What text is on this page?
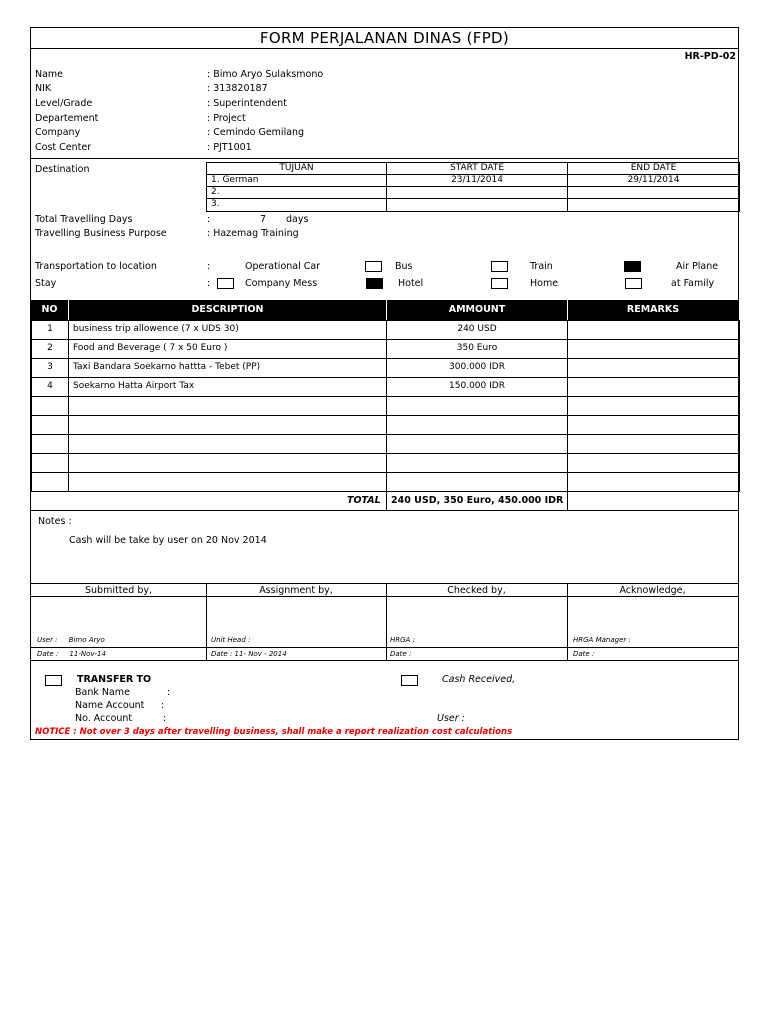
FORM PERJALANAN DINAS (FPD)
HR-PD-02
Name	: Bimo Aryo Sulaksmono
NIK	: 313820187
Level/Grade	: Superintendent
Departement	: Project
Company	: Cemindo Gemilang
Cost Center	: PJT1001
Destination	TUJUAN	START DATE	END DATE
1. German	23/11/2014	29/11/2014
2.
3.
Total Travelling Days	:	7 days
Travelling Business Purpose	: Hazemag Training
Transportation to location	:	Operational Car	Bus	Train	Air Plane
Stay	:	Company Mess	Hotel	Home	at Family
NO	DESCRIPTION	AMMOUNT	REMARKS
1	business trip allowence (7 x UDS 30)	240 USD
2	Food and Beverage ( 7 x 50 Euro )	350 Euro
3	Taxi Bandara Soekarno hattta - Tebet (PP)	300.000 IDR
4	Soekarno Hatta Airport Tax	150.000 IDR
TOTAL 240 USD, 350 Euro, 450.000 IDR
Notes :
Cash will be take by user on 20 Nov 2014
Submitted by,	Assignment by,	Checked by,	Acknowledge,
User :     Bimo Aryo	Unit Head :	HRGA :	HRGA Manager :
Date :     11-Nov-14	Date : 11- Nov - 2014	Date :	Date :
TRANSFER TO
Bank Name	:
Name Account :
No. Account	:
Cash Received,
User :
NOTICE : Not over 3 days after travelling business, shall make a report realization cost calculations
